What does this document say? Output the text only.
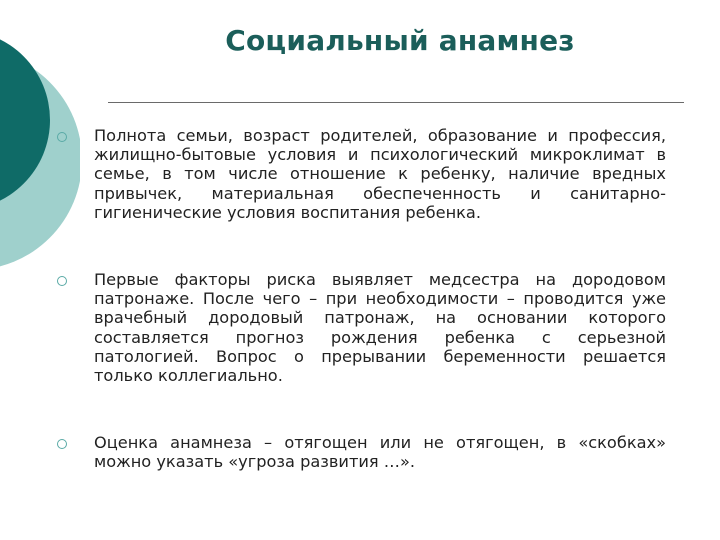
Социальный анамнез
Полнота семьи, возраст родителей, образование и профессия, жилищно-бытовые условия и психологический микроклимат в семье, в том числе отношение к ребенку, наличие вредных привычек, материальная обеспеченность и санитарно-гигиенические условия воспитания ребенка.
Первые факторы риска выявляет медсестра на дородовом патронаже. После чего – при необходимости – проводится уже врачебный дородовый патронаж, на основании которого составляется прогноз рождения ребенка с серьезной патологией. Вопрос о прерывании беременности решается только коллегиально.
Оценка анамнеза – отягощен или не отягощен, в «скобках» можно указать «угроза развития …».
